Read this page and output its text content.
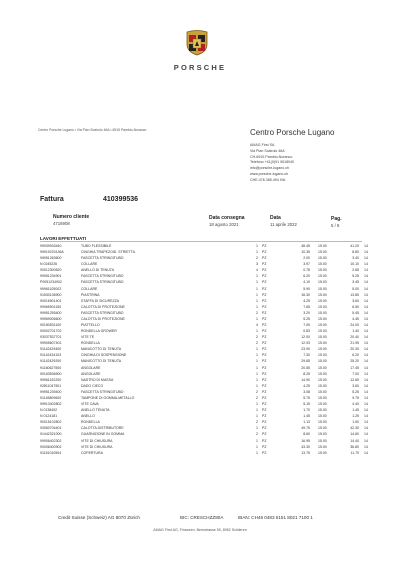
PORSCHE
Centro Porsche Lugano • Via Pian Scairolo 46A • 6915 Pambio-Noranco	Centro Porsche Lugano
AMAG First SA
Via Pian Scairolo 46A
CH-6915 Pambio-Noranco
Telefono +41(0)91 9618040
info@porsche-lugano.ch
www.porsche-lugano.ch
CHE-476.385.494 IVA
Fattura	410399536
Numero cliente
4716908
Data consegna
18 agosto 2021
Data
11 aprile 2022
Pag.
5 / 8
LAVORI EFFETTUATI
99939933440	TUBO FLESSIBILE	1 PZ	48.45 15.00	41.20 14
99919233136A	CINGHIA TRAPEZOID. STRIETTA	1 PZ	10.35 15.00	8.80 14
99951263600	FASCETTA STRINGITUBO	2 PZ	2.00 15.00	3.40 14
N 0245226	COLLARE	3 PZ	3.97 15.00	10.10 14
90012300520	ANELLO DI TENUTA	4 PZ	0.78 15.00	2.65 14
99951234901	FASCETTA STRINGITUBO	1 PZ	6.20 15.00	5.25 14
P0051234902	FASCETTA STRINGITUBO	1 PZ	4.10 15.00	3.45 14
99961105002	COLLARE	1 PZ	5.90 15.00	5.00 14
91530136900	PIASTRINA	1 PZ	16.30 15.00	13.85 14
90016901401	STAFFA DI SICUREZZA	1 PZ	4.25 15.00	3.60 14
99965901150	CALOTTA DI PROTEZIONE	1 PZ	7.65 15.00	6.50 14
99951255400	FASCETTA STRINGITUBO	2 PZ	3.20 15.00	5.45 14
99969006600	CALOTTA DI PROTEZIONE	1 PZ	5.25 15.00	4.45 14
90180531100	PIATTELLO	4 PZ	7.05 15.00	24.00 14
90002701702	RONDELLA GROWER	1 PZ	0.83 15.00	1.40 14
93037537701	VITE TE	2 PZ	12.00 15.00	20.40 14
99905607401	RONDELLA	2 PZ	12.93 15.00	21.95 14
91142429400	MANICOTTO DI TENUTA	1 PZ	23.90 15.00	20.30 14
91142434103	CINGHIA DI SOSPENSIONE	1 PZ	7.30 15.00	6.20 14
91142429200	MANICOTTO DI TENUTA	1 PZ	29.65 15.00	25.20 14
91160627500	ANGOLARE	1 PZ	20.55 15.00	17.45 14
90163536900	ANGOLARE	1 PZ	8.25 15.00	7.00 14
99961192200	NASTRO DI MASSA	1 PZ	14.90 15.00	12.65 14
92811047501	DADO CIECO	1 PZ	4.25 15.00	3.60 14
99951239400	FASCETTA STRINGITUBO	2 PZ	3.08 15.00	5.25 14
91145809600	TAMPONE DI GOMMA-METALLO	2 PZ	5.75 15.00	9.75 14
99913402802	VITE CAVA	1 PZ	5.15 15.00	4.40 14
N 0138492	ANELLO TENUTA	1 PZ	1.70 15.00	1.45 14
N 0124181	ANELLO	1 PZ	1.45 15.00	1.25 14
90015102802	RONDELLA	2 PZ	1.13 15.00	1.90 14
93060704401	CALOTTA DISTRIBUTORE	1 PZ	49.75 15.00	42.30 14
91442321000	GUARNIZIONE IN GOMMA	2 PZ	8.60 15.00	14.60 14
99906402302	VITE DI CHIUSURA	1 PZ	16.95 15.00	14.40 14
90006400902	VITE DI CHIUSURA	1 PZ	43.30 15.00	36.80 14
91151010504	COPERTURA	1 PZ	13.75 15.00	11.70 14
Credit Suisse (Schweiz) AG 8070 Zürich	BIC: CRESCHZZ80A	IBAN: CH46 0483 5151 8021 7100 1
AMAG First AG, Finanzen, Bernstrasse 59, 8952 Schlieren
